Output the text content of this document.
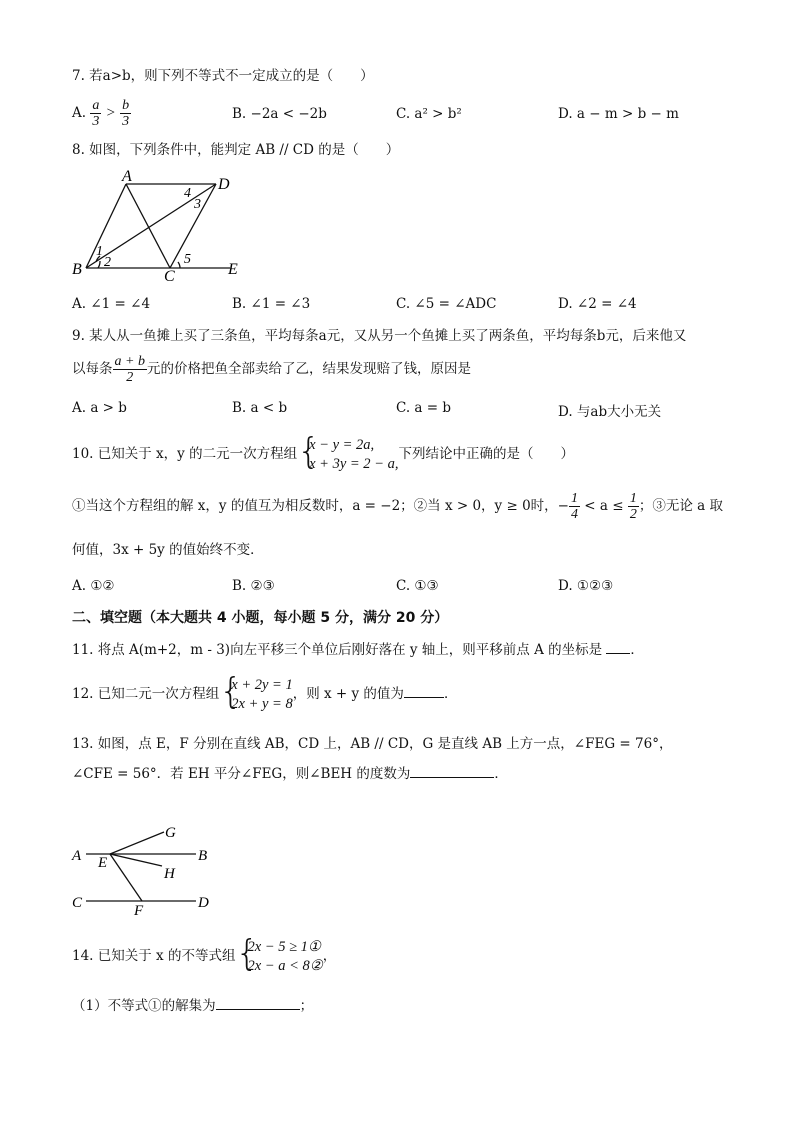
7. 若a>b，则下列不等式不一定成立的是（　　）
A. $\frac{a}{3} > \frac{b}{3}$	B. −2a < −2b	C. a² > b²	D. a − m > b − m
8. 如图，下列条件中，能判定 AB // CD 的是（　　）
A
B	C
D
E
1
2
3
4
5
A. ∠1 = ∠4	B. ∠1 = ∠3	C. ∠5 = ∠ADC	D. ∠2 = ∠4
9. 某人从一鱼摊上买了三条鱼，平均每条a元，又从另一个鱼摊上买了两条鱼，平均每条b元，后来他又
以每条 $\frac{a + b}{2}$ 元的价格把鱼全部卖给了乙，结果发现赔了钱，原因是
A. a > b	B. a < b	C. a = b	D. 与ab大小无关
10. 已知关于 x，y 的二元一次方程组
{ x − y = 2a,
x + 3y = 2 − a,
下列结论中正确的是（　　）
①当这个方程组的解 x，y 的值互为相反数时，a = −2；②当 x > 0，y ≥ 0时，− $\frac{1}{4} < a \le \frac{1}{2}$ ；③无论 a 取
何值，3x + 5y 的值始终不变．
A. ①②	B. ②③	C. ①③	D. ①②③
二、填空题（本大题共 4 小题，每小题 5 分，满分 20 分）
11. 将点 A(m+2，m - 3)向左平移三个单位后刚好落在 y 轴上，则平移前点 A 的坐标是 ．
12. 已知二元一次方程组
{ x + 2y = 1
2x + y = 8
，则 x + y 的值为	．
13. 如图，点 E，F 分别在直线 AB，CD 上，AB // CD，G 是直线 AB 上方一点，∠FEG = 76°，
∠CFE = 56°．若 EH 平分∠FEG，则∠BEH 的度数为	．
A	B
C	D
E
F
G
H
14. 已知关于 x 的不等式组
{ 2x − 5 ≥ 1①
2x − a < 8②
，
（1）不等式①的解集为	；
